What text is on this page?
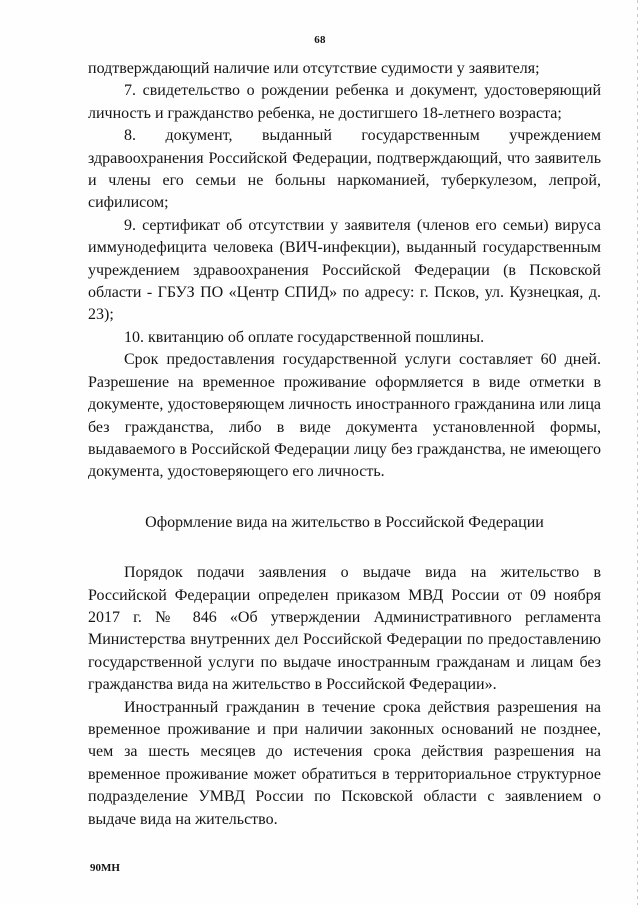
68

подтверждающий наличие или отсутствие судимости у заявителя;

7. свидетельство о рождении ребенка и документ, удостоверяющий личность и гражданство ребенка, не достигшего 18-летнего возраста;

8. документ, выданный государственным учреждением здравоохранения Российской Федерации, подтверждающий, что заявитель и члены его семьи не больны наркоманией, туберкулезом, лепрой, сифилисом;

9. сертификат об отсутствии у заявителя (членов его семьи) вируса иммунодефицита человека (ВИЧ-инфекции), выданный государственным учреждением здравоохранения Российской Федерации (в Псковской области - ГБУЗ ПО «Центр СПИД» по адресу: г. Псков, ул. Кузнецкая, д. 23);

10. квитанцию об оплате государственной пошлины.

Срок предоставления государственной услуги составляет 60 дней. Разрешение на временное проживание оформляется в виде отметки в документе, удостоверяющем личность иностранного гражданина или лица без гражданства, либо в виде документа установленной формы, выдаваемого в Российской Федерации лицу без гражданства, не имеющего документа, удостоверяющего его личность.

Оформление вида на жительство в Российской Федерации

Порядок подачи заявления о выдаче вида на жительство в Российской Федерации определен приказом МВД России от 09 ноября 2017 г. № 846 «Об утверждении Административного регламента Министерства внутренних дел Российской Федерации по предоставлению государственной услуги по выдаче иностранным гражданам и лицам без гражданства вида на жительство в Российской Федерации».

Иностранный гражданин в течение срока действия разрешения на временное проживание и при наличии законных оснований не позднее, чем за шесть месяцев до истечения срока действия разрешения на временное проживание может обратиться в территориальное структурное подразделение УМВД России по Псковской области с заявлением о выдаче вида на жительство.

90МН
